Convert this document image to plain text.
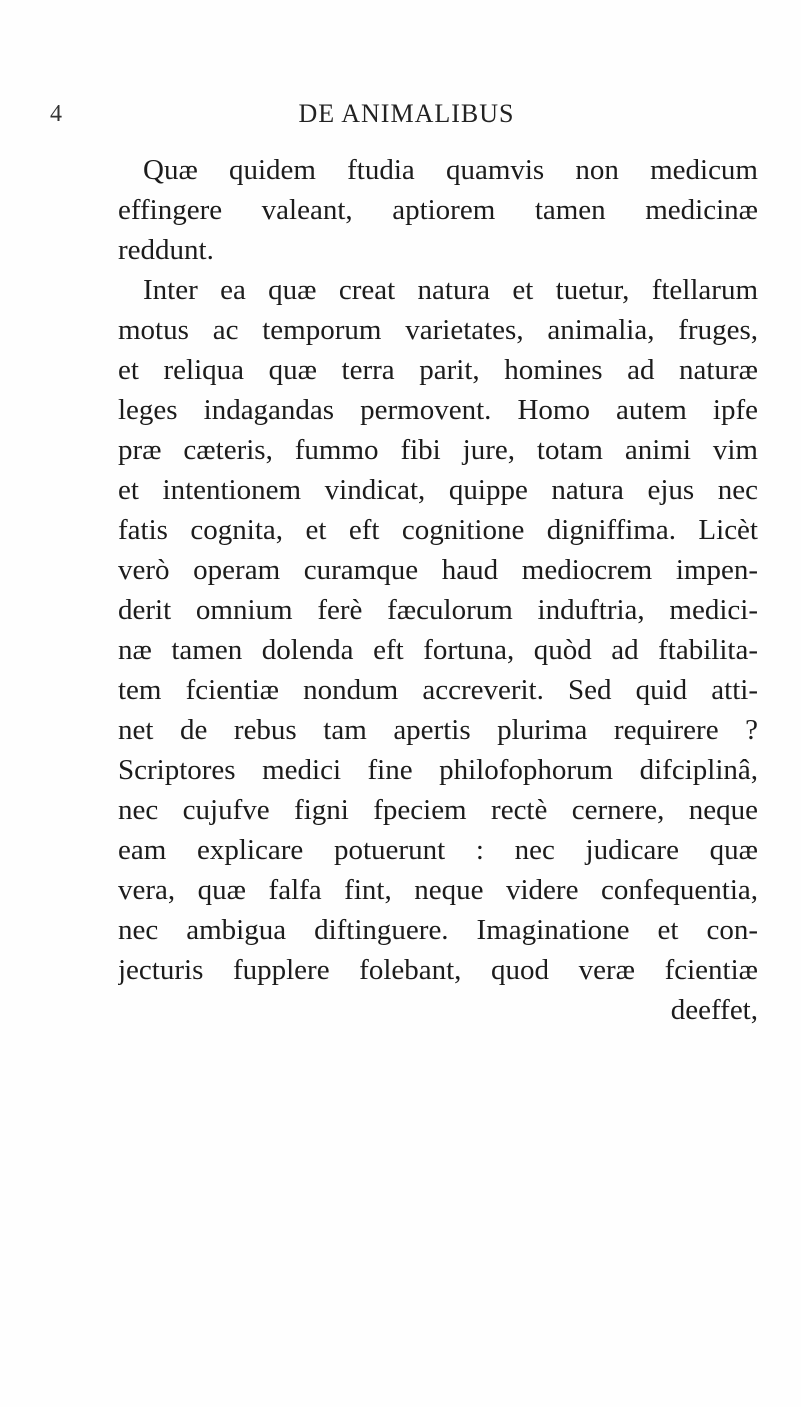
4	DE ANIMALIBUS
Quæ quidem ftudia quamvis non medicum
effingere valeant, aptiorem tamen medicinæ
reddunt.
Inter ea quæ creat natura et tuetur, ftellarum
motus ac temporum varietates, animalia, fruges,
et reliqua quæ terra parit, homines ad naturæ
leges indagandas permovent. Homo autem ipfe
præ cæteris, fummo fibi jure, totam animi vim
et intentionem vindicat, quippe natura ejus nec
fatis cognita, et eft cognitione digniffima. Licèt
verò operam curamque haud mediocrem impen-
derit omnium ferè fæculorum induftria, medici-
næ tamen dolenda eft fortuna, quòd ad ftabilita-
tem fcientiæ nondum accreverit. Sed quid atti-
net de rebus tam apertis plurima requirere ?
Scriptores medici fine philofophorum difciplinâ,
nec cujufve figni fpeciem rectè cernere, neque
eam explicare potuerunt : nec judicare quæ
vera, quæ falfa fint, neque videre confequentia,
nec ambigua diftinguere. Imaginatione et con-
jecturis fupplere folebant, quod veræ fcientiæ
deeffet,
